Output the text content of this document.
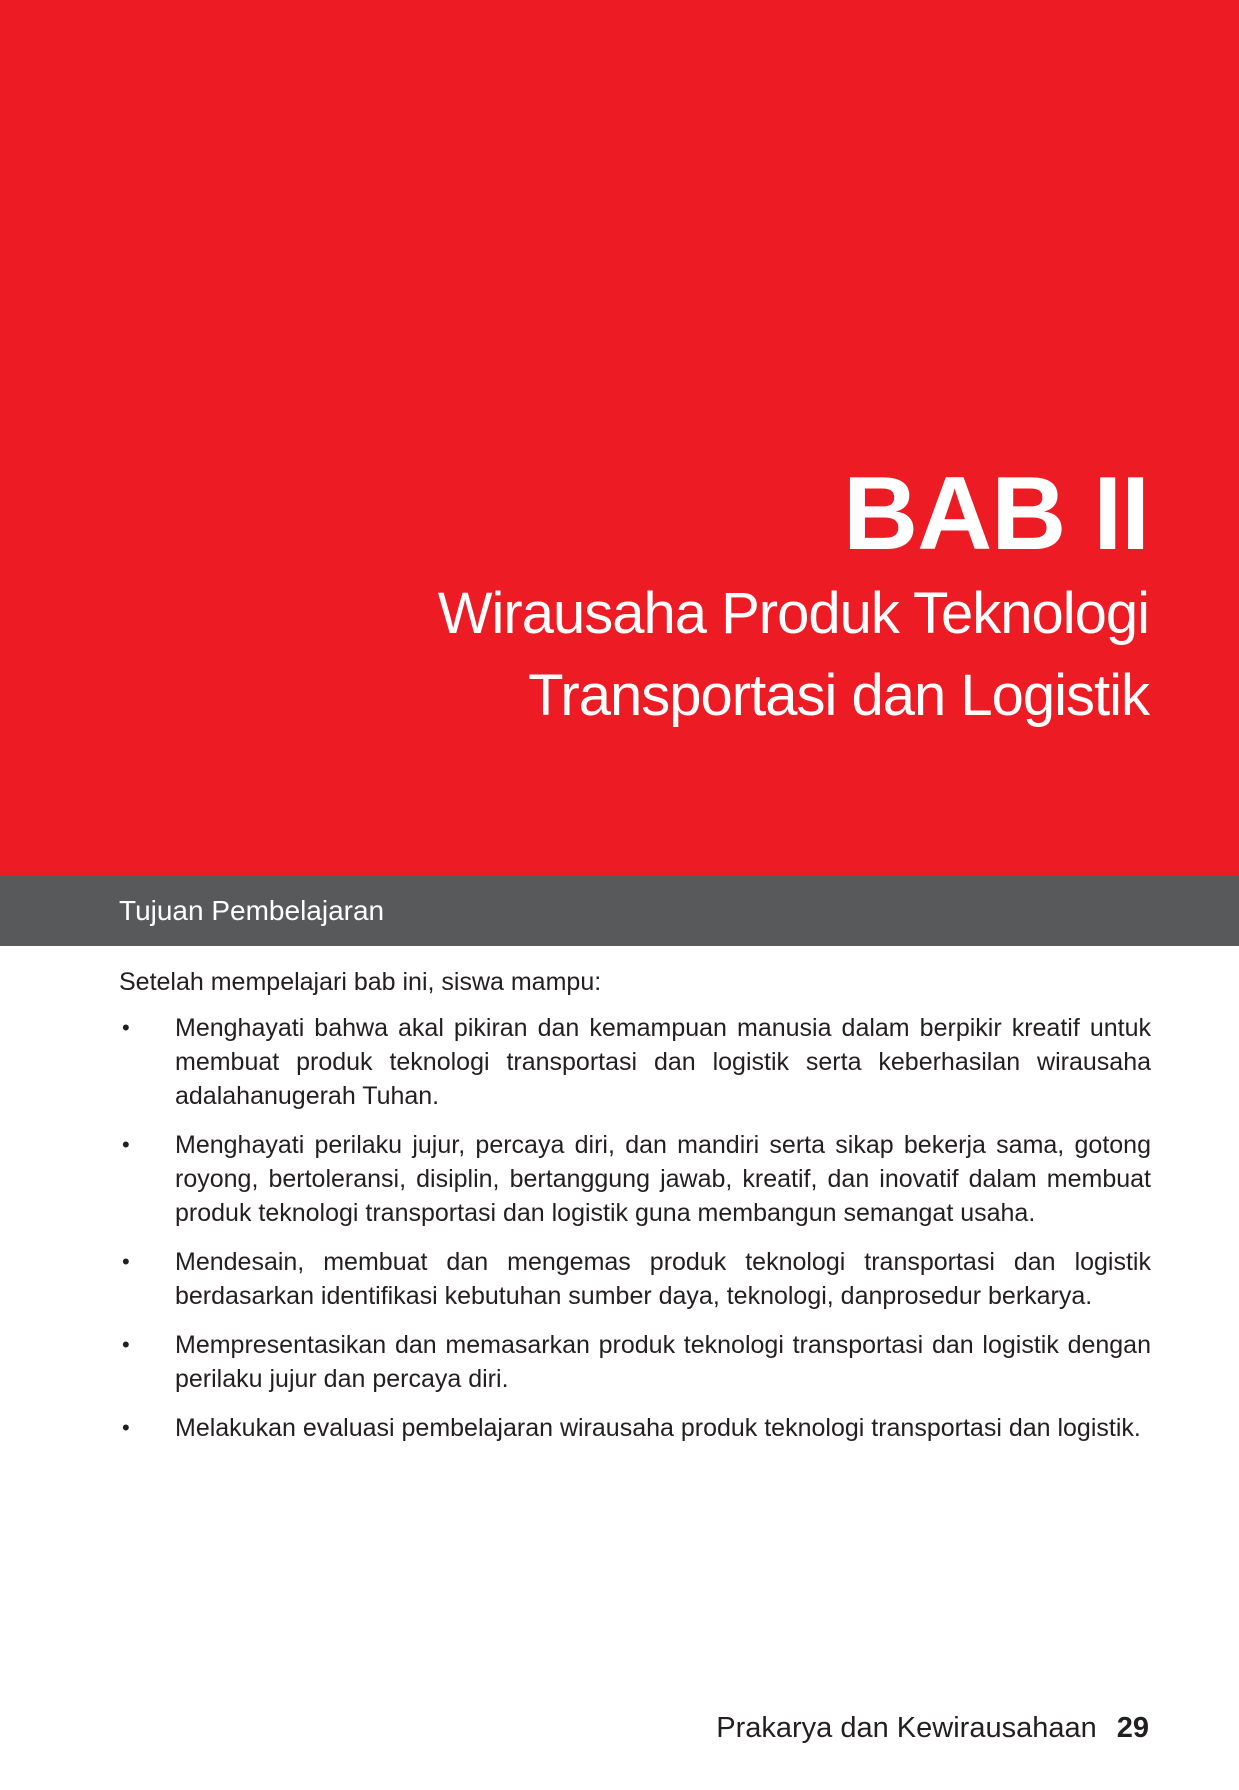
BAB II
Wirausaha Produk Teknologi
Transportasi dan Logistik
Tujuan Pembelajaran

Setelah mempelajari bab ini, siswa mampu:

• Menghayati bahwa akal pikiran dan kemampuan manusia dalam berpikir kreatif untuk membuat produk teknologi transportasi dan logistik serta keberhasilan wirausaha adalahanugerah Tuhan.
• Menghayati perilaku jujur, percaya diri, dan mandiri serta sikap bekerja sama, gotong royong, bertoleransi, disiplin, bertanggung jawab, kreatif, dan inovatif dalam membuat produk teknologi transportasi dan logistik guna membangun semangat usaha.
• Mendesain, membuat dan mengemas produk teknologi transportasi dan logistik berdasarkan identifikasi kebutuhan sumber daya, teknologi, danprosedur berkarya.
• Mempresentasikan dan memasarkan produk teknologi transportasi dan logistik dengan perilaku jujur dan percaya diri.
• Melakukan evaluasi pembelajaran wirausaha produk teknologi transportasi dan logistik.
Prakarya dan Kewirausahaan 29
